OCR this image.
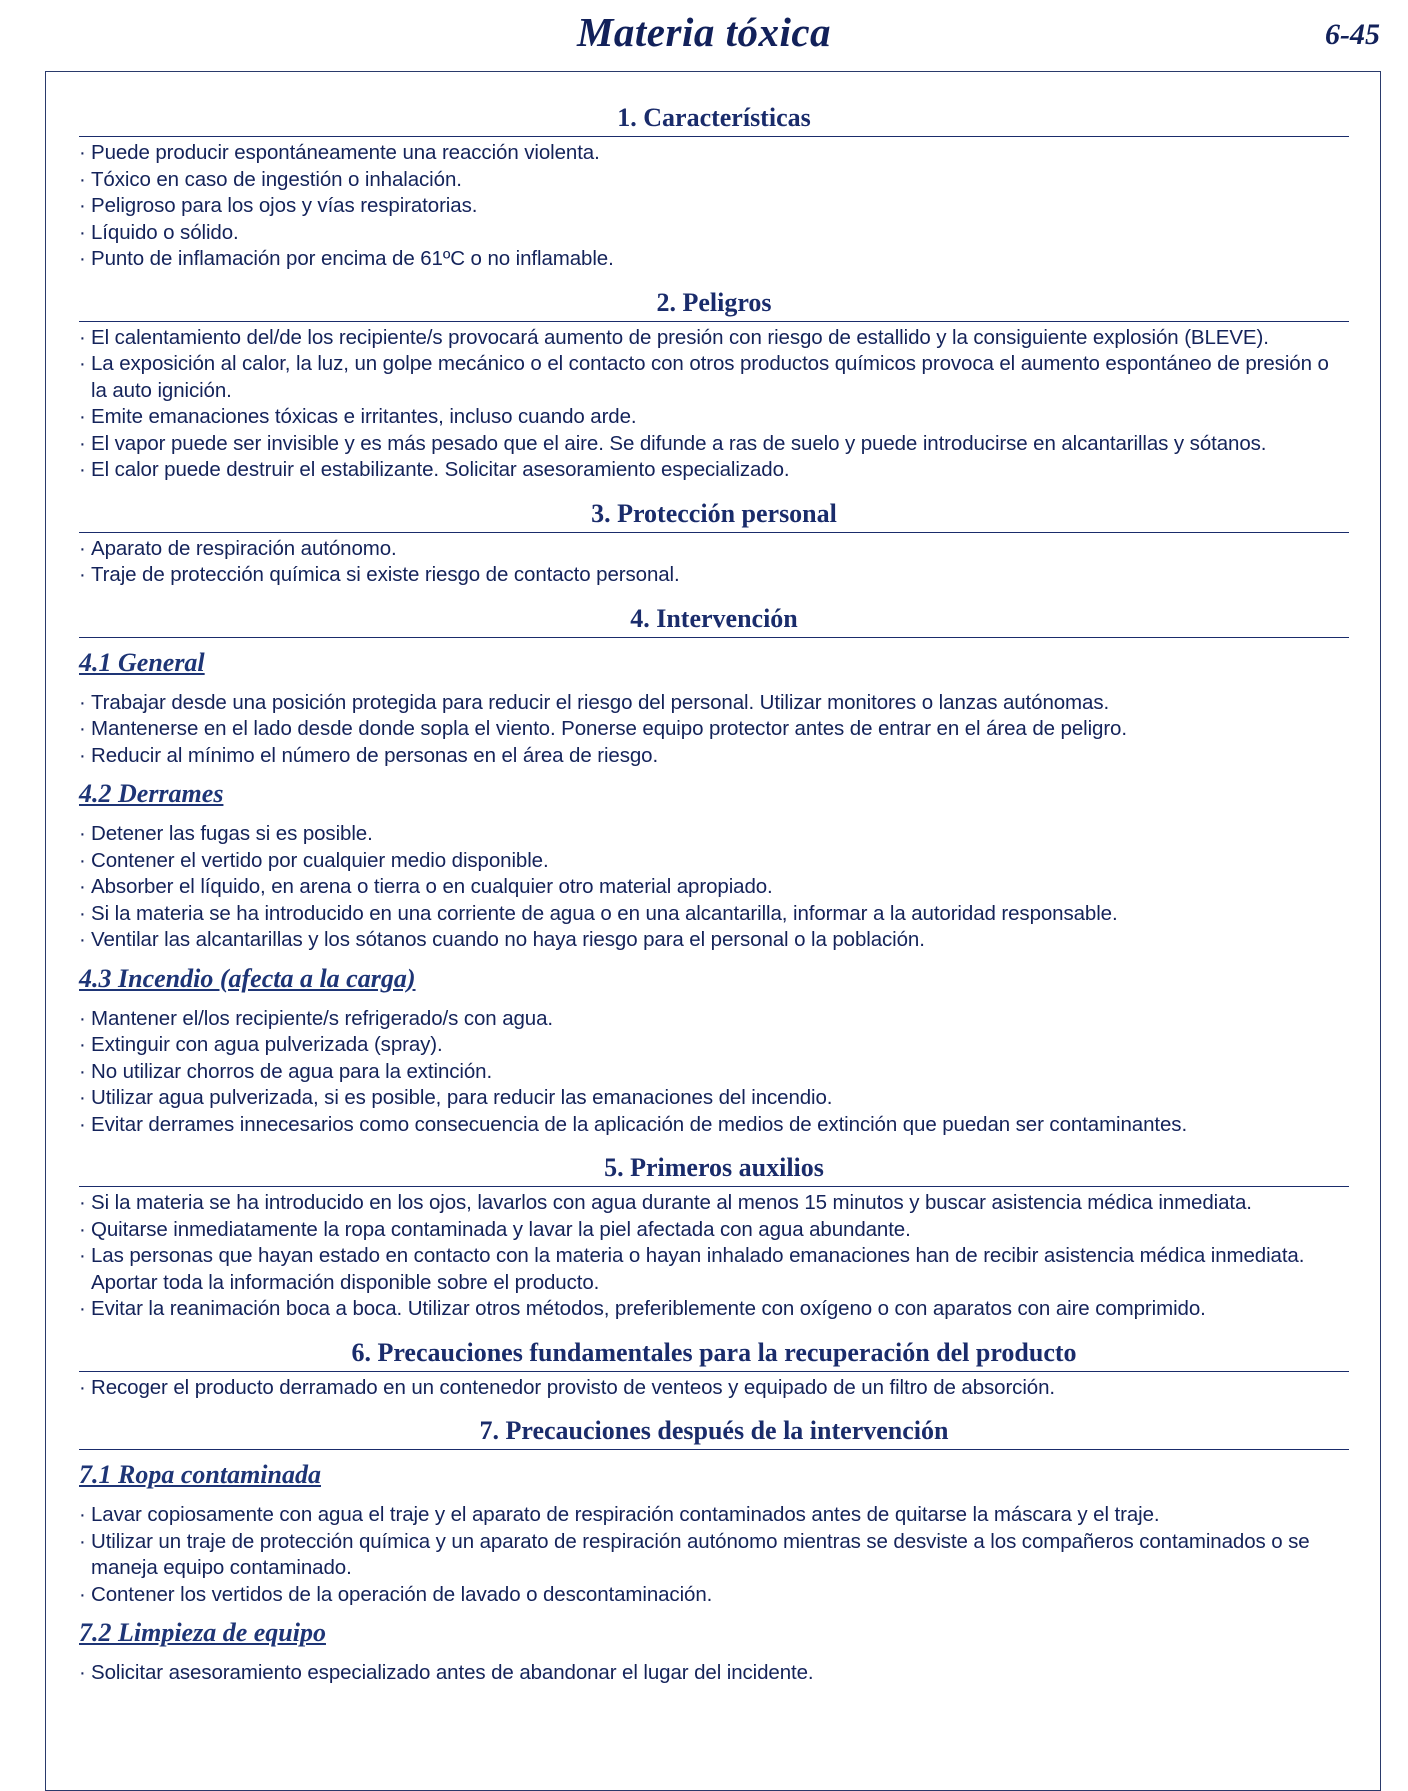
Materia tóxica	6-45
1. Características
· Puede producir espontáneamente una reacción violenta.
· Tóxico en caso de ingestión o inhalación.
· Peligroso para los ojos y vías respiratorias.
· Líquido o sólido.
· Punto de inflamación por encima de 61ºC o no inflamable.
2. Peligros
· El calentamiento del/de los recipiente/s provocará aumento de presión con riesgo de estallido y la consiguiente explosión (BLEVE).
· La exposición al calor, la luz, un golpe mecánico o el contacto con otros productos químicos provoca el aumento espontáneo de presión o la auto ignición.
· Emite emanaciones tóxicas e irritantes, incluso cuando arde.
· El vapor puede ser invisible y es más pesado que el aire. Se difunde a ras de suelo y puede introducirse en alcantarillas y sótanos.
· El calor puede destruir el estabilizante. Solicitar asesoramiento especializado.
3. Protección personal
· Aparato de respiración autónomo.
· Traje de protección química si existe riesgo de contacto personal.
4. Intervención
4.1 General
· Trabajar desde una posición protegida para reducir el riesgo del personal. Utilizar monitores o lanzas autónomas.
· Mantenerse en el lado desde donde sopla el viento. Ponerse equipo protector antes de entrar en el área de peligro.
· Reducir al mínimo el número de personas en el área de riesgo.
4.2 Derrames
· Detener las fugas si es posible.
· Contener el vertido por cualquier medio disponible.
· Absorber el líquido, en arena o tierra o en cualquier otro material apropiado.
· Si la materia se ha introducido en una corriente de agua o en una alcantarilla, informar a la autoridad responsable.
· Ventilar las alcantarillas y los sótanos cuando no haya riesgo para el personal o la población.
4.3 Incendio (afecta a la carga)
· Mantener el/los recipiente/s refrigerado/s con agua.
· Extinguir con agua pulverizada (spray).
· No utilizar chorros de agua para la extinción.
· Utilizar agua pulverizada, si es posible, para reducir las emanaciones del incendio.
· Evitar derrames innecesarios como consecuencia de la aplicación de medios de extinción que puedan ser contaminantes.
5. Primeros auxilios
· Si la materia se ha introducido en los ojos, lavarlos con agua durante al menos 15 minutos y buscar asistencia médica inmediata.
· Quitarse inmediatamente la ropa contaminada y lavar la piel afectada con agua abundante.
· Las personas que hayan estado en contacto con la materia o hayan inhalado emanaciones han de recibir asistencia médica inmediata. Aportar toda la información disponible sobre el producto.
· Evitar la reanimación boca a boca. Utilizar otros métodos, preferiblemente con oxígeno o con aparatos con aire comprimido.
6. Precauciones fundamentales para la recuperación del producto
· Recoger el producto derramado en un contenedor provisto de venteos y equipado de un filtro de absorción.
7. Precauciones después de la intervención
7.1 Ropa contaminada
· Lavar copiosamente con agua el traje y el aparato de respiración contaminados antes de quitarse la máscara y el traje.
· Utilizar un traje de protección química y un aparato de respiración autónomo mientras se desviste a los compañeros contaminados o se maneja equipo contaminado.
· Contener los vertidos de la operación de lavado o descontaminación.
7.2 Limpieza de equipo
· Solicitar asesoramiento especializado antes de abandonar el lugar del incidente.
